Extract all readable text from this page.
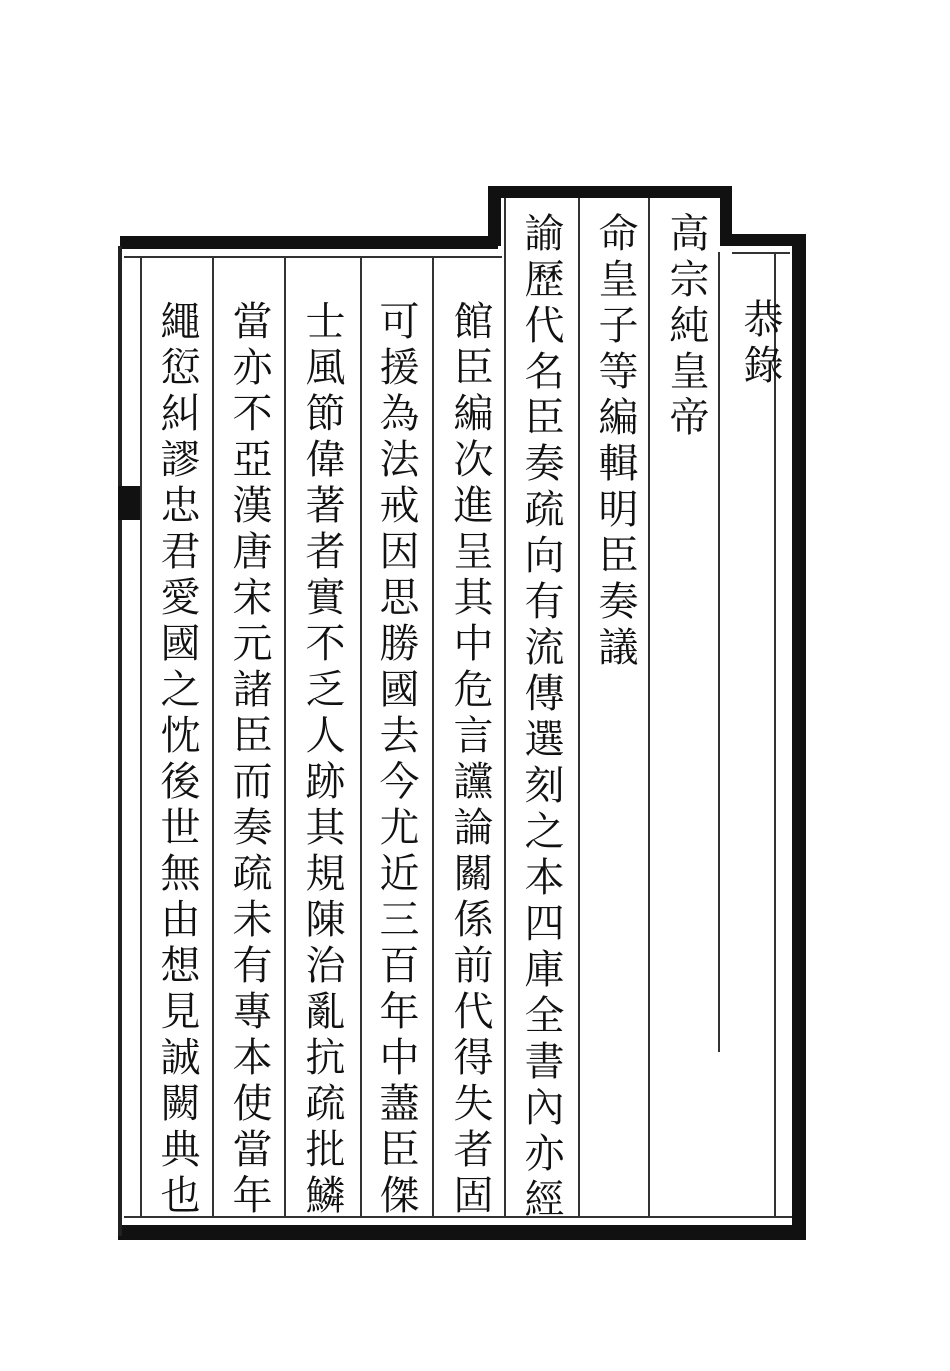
恭錄

高宗純皇帝

命皇子等編輯明臣奏議

諭歷代名臣奏疏向有流傳選刻之本四庫全書內亦經

館臣編次進呈其中危言讜論關係前代得失者固

可援為法戒因思勝國去今尤近三百年中藎臣傑

士風節偉著者實不乏人跡其規陳治亂抗疏批鱗

當亦不亞漢唐宋元諸臣而奏疏未有專本使當年

繩愆糾謬忠君愛國之忱後世無由想見誠闕典也
